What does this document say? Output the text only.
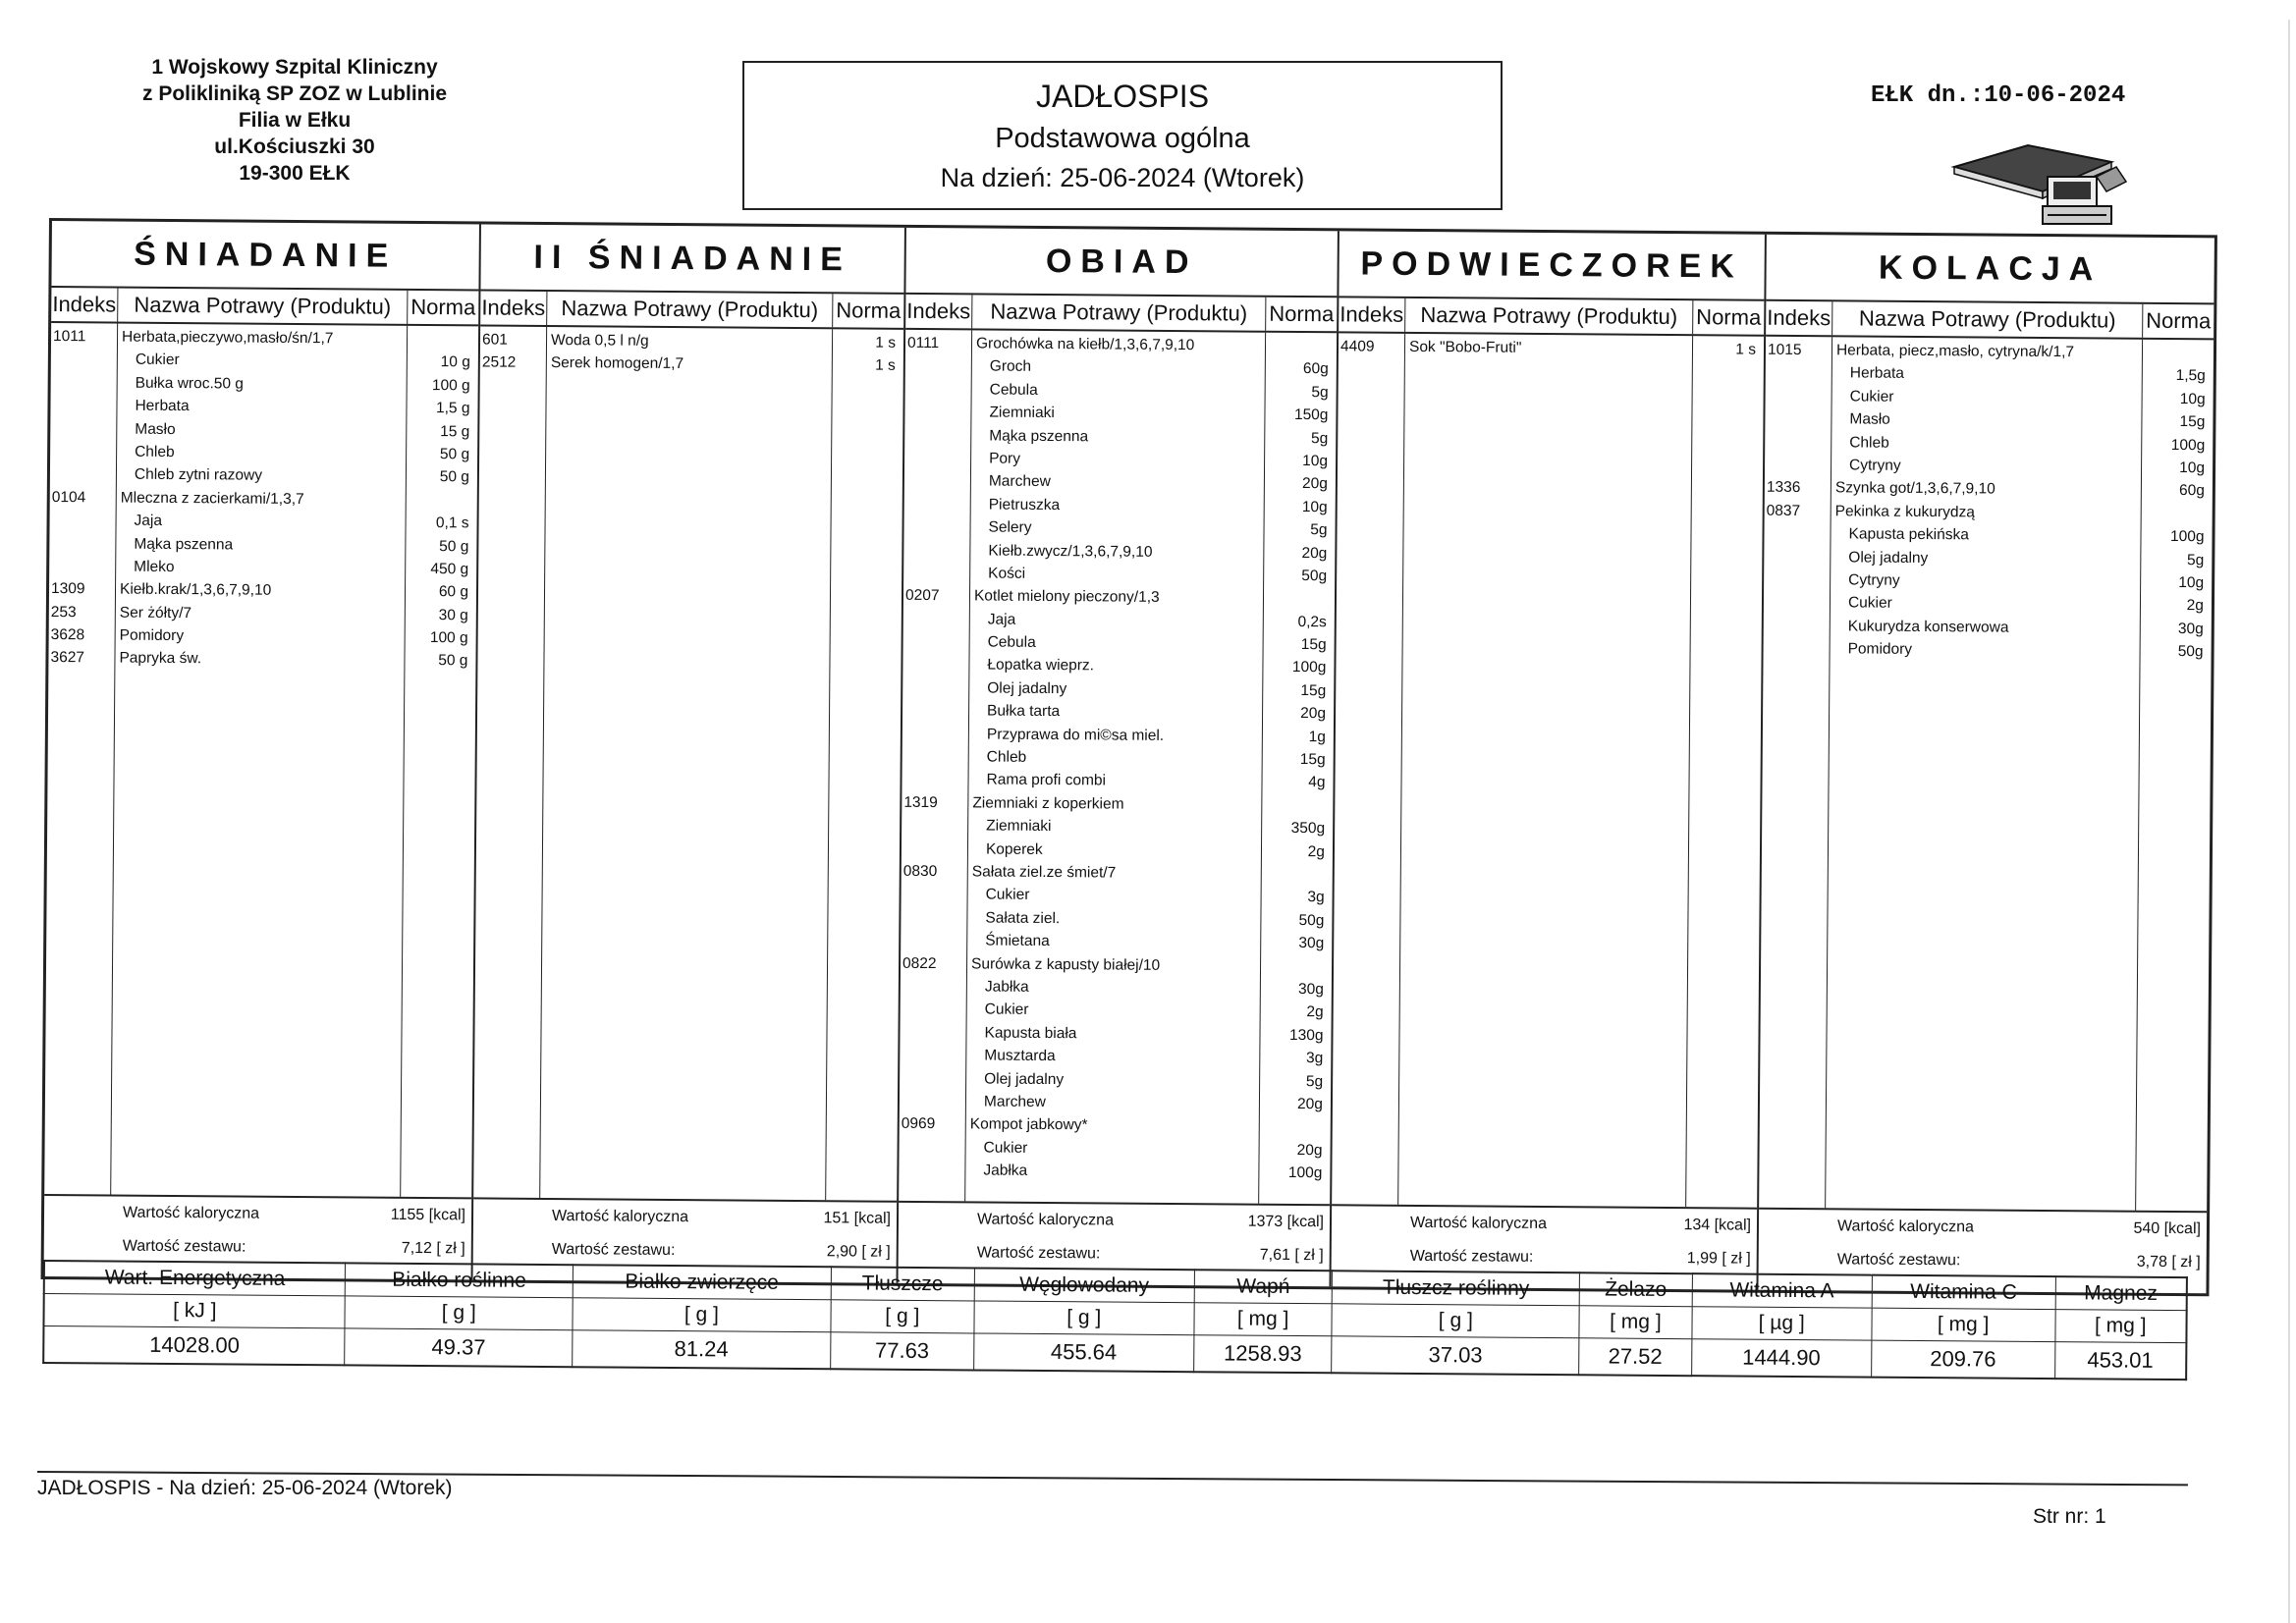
1 Wojskowy Szpital Kliniczny
z Polikliniką SP ZOZ w Lublinie
Filia w Ełku
ul.Kościuszki 30
19-300 EŁK
JADŁOSPIS
Podstawowa ogólna
Na dzień: 25-06-2024 (Wtorek)
EŁK dn.:10-06-2024
ŚNIADANIE
Indeks Nazwa Potrawy (Produktu) Norma
1011	Herbata,pieczywo,masło/śn/1,7
Cukier	10 g
Bułka wroc.50 g	100 g
Herbata	1,5 g
Masło	15 g
Chleb	50 g
Chleb zytni razowy	50 g
0104	Mleczna z zacierkami/1,3,7
Jaja	0,1 s
Mąka pszenna	50 g
Mleko	450 g
1309	Kiełb.krak/1,3,6,7,9,10	60 g
253	Ser żółty/7	30 g
3628	Pomidory	100 g
3627	Papryka św.	50 g
Wartość kaloryczna	1155 [kcal]
Wartość zestawu:	7,12 [ zł ]
II ŚNIADANIE
Indeks Nazwa Potrawy (Produktu) Norma
601	Woda 0,5 l n/g	1 s
2512	Serek homogen/1,7	1 s
Wartość kaloryczna	151 [kcal]
Wartość zestawu:	2,90 [ zł ]
OBIAD
Indeks Nazwa Potrawy (Produktu) Norma
0111	Grochówka na kiełb/1,3,6,7,9,10
Groch	60g
Cebula	5g
Ziemniaki	150g
Mąka pszenna	5g
Pory	10g
Marchew	20g
Pietruszka	10g
Selery	5g
Kiełb.zwycz/1,3,6,7,9,10	20g
Kości	50g
0207	Kotlet mielony pieczony/1,3
Jaja	0,2s
Cebula	15g
Łopatka wieprz.	100g
Olej jadalny	15g
Bułka tarta	20g
Przyprawa do mi©sa miel.	1g
Chleb	15g
Rama profi combi	4g
1319	Ziemniaki z koperkiem
Ziemniaki	350g
Koperek	2g
0830	Sałata ziel.ze śmiet/7
Cukier	3g
Sałata ziel.	50g
Śmietana	30g
0822	Surówka z kapusty białej/10
Jabłka	30g
Cukier	2g
Kapusta biała	130g
Musztarda	3g
Olej jadalny	5g
Marchew	20g
0969	Kompot jabkowy*
Cukier	20g
Jabłka	100g
Wartość kaloryczna	1373 [kcal]
Wartość zestawu:	7,61 [ zł ]
PODWIECZOREK
Indeks Nazwa Potrawy (Produktu) Norma
4409	Sok "Bobo-Fruti"	1 s
Wartość kaloryczna	134 [kcal]
Wartość zestawu:	1,99 [ zł ]
KOLACJA
Indeks	Nazwa Potrawy (Produktu)	Norma
1015	Herbata, piecz,masło, cytryna/k/1,7
Herbata	1,5g
Cukier	10g
Masło	15g
Chleb	100g
Cytryny	10g
1336	Szynka got/1,3,6,7,9,10	60g
0837	Pekinka z kukurydzą
Kapusta pekińska	100g
Olej jadalny	5g
Cytryny	10g
Cukier	2g
Kukurydza konserwowa	30g
Pomidory	50g
Wartość kaloryczna	540 [kcal]
Wartość zestawu:	3,78 [ zł ]
Wart. Energetyczna	Białko roślinne	Białko zwierzęce	Tłuszcze	Węglowodany	Wapń	Tłuszcz roślinny	Żelazo	Witamina A	Witamina C	Magnez
[ kJ ]	[ g ]	[ g ]	[ g ]	[ g ]	[ mg ]	[ g ]	[ mg ]	[ µg ]	[ mg ]	[ mg ]
14028.00	49.37	81.24	77.63	455.64	1258.93	37.03	27.52	1444.90	209.76	453.01
JADŁOSPIS - Na dzień: 25-06-2024 (Wtorek)
Str nr: 1
